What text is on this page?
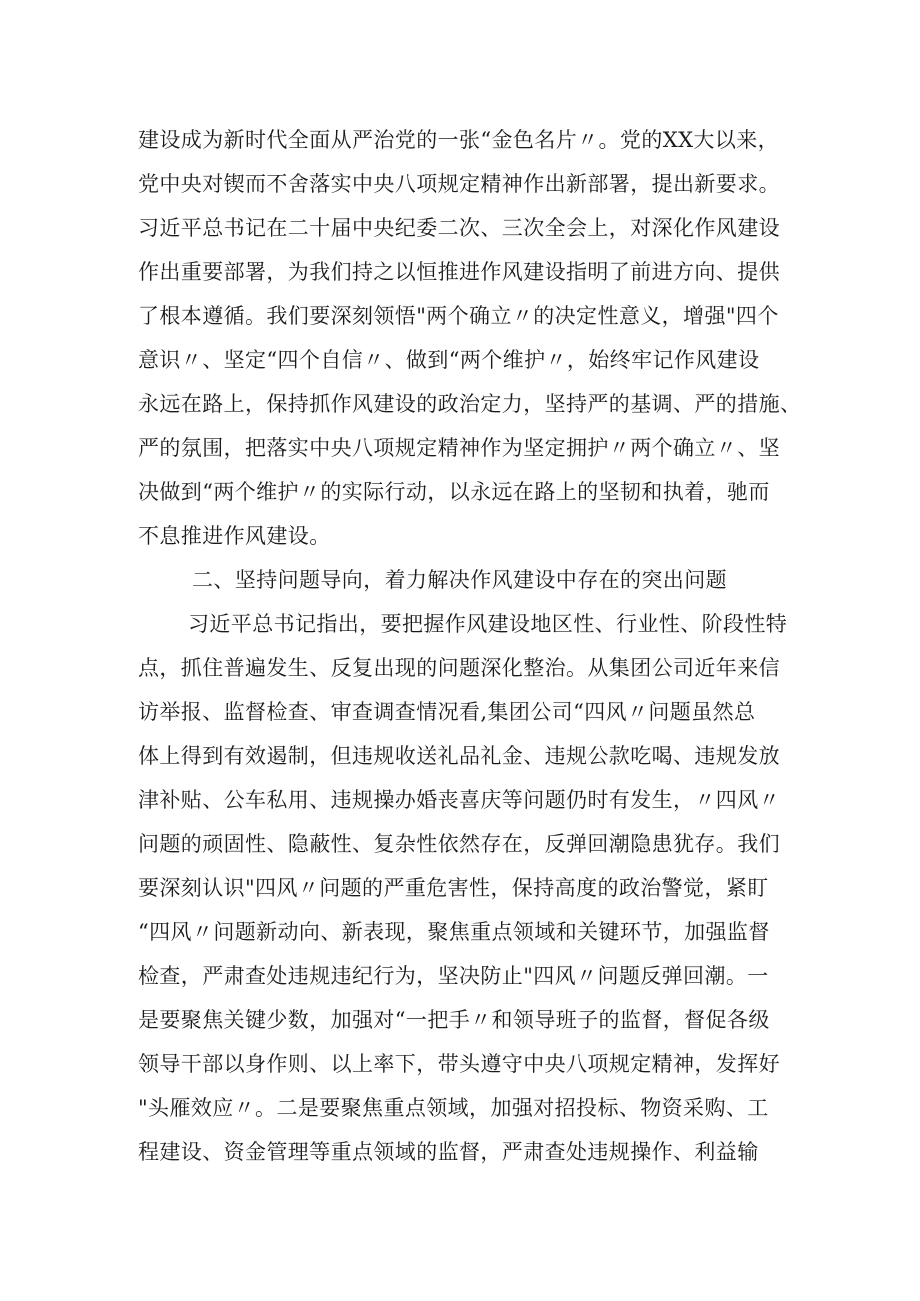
建设成为新时代全面从严治党的一张“金色名片〃。党的XX大以来，
党中央对锲而不舍落实中央八项规定精神作出新部署，提出新要求。
习近平总书记在二十届中央纪委二次、三次全会上，对深化作风建设
作出重要部署，为我们持之以恒推进作风建设指明了前进方向、提供
了根本遵循。我们要深刻领悟"两个确立〃的决定性意义，增强"四个
意识〃、坚定“四个自信〃、做到“两个维护〃，始终牢记作风建设
永远在路上，保持抓作风建设的政治定力，坚持严的基调、严的措施、
严的氛围，把落实中央八项规定精神作为坚定拥护〃两个确立〃、坚
决做到“两个维护〃的实际行动，以永远在路上的坚韧和执着，驰而
不息推进作风建设。
二、坚持问题导向，着力解决作风建设中存在的突出问题
习近平总书记指出，要把握作风建设地区性、行业性、阶段性特
点，抓住普遍发生、反复出现的问题深化整治。从集团公司近年来信
访举报、监督检查、审查调查情况看,集团公司“四风〃问题虽然总
体上得到有效遏制，但违规收送礼品礼金、违规公款吃喝、违规发放
津补贴、公车私用、违规操办婚丧喜庆等问题仍时有发生，〃四风〃
问题的顽固性、隐蔽性、复杂性依然存在，反弹回潮隐患犹存。我们
要深刻认识"四风〃问题的严重危害性，保持高度的政治警觉，紧盯
“四风〃问题新动向、新表现，聚焦重点领域和关键环节，加强监督
检查，严肃查处违规违纪行为，坚决防止"四风〃问题反弹回潮。一
是要聚焦关键少数，加强对“一把手〃和领导班子的监督，督促各级
领导干部以身作则、以上率下，带头遵守中央八项规定精神，发挥好
"头雁效应〃。二是要聚焦重点领域，加强对招投标、物资采购、工
程建设、资金管理等重点领域的监督，严肃查处违规操作、利益输
